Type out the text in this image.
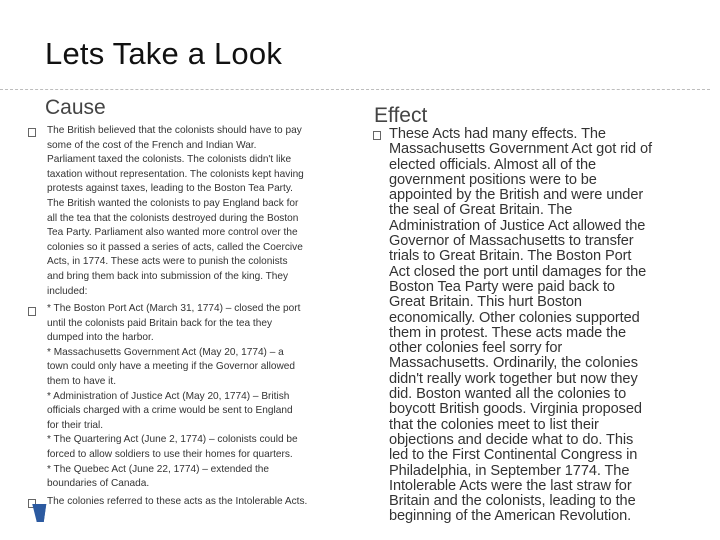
Lets Take a Look
Cause	Effect
The British believed that the colonists should have to pay
some of the cost of the French and Indian War.
Parliament taxed the colonists. The colonists didn't like
taxation without representation. The colonists kept having
protests against taxes, leading to the Boston Tea Party.
The British wanted the colonists to pay England back for
all the tea that the colonists destroyed during the Boston
Tea Party. Parliament also wanted more control over the
colonies so it passed a series of acts, called the Coercive
Acts, in 1774. These acts were to punish the colonists
and bring them back into submission of the king. They
included:
* The Boston Port Act (March 31, 1774) – closed the port
until the colonists paid Britain back for the tea they
dumped into the harbor.
* Massachusetts Government Act (May 20, 1774) – a
town could only have a meeting if the Governor allowed
them to have it.
* Administration of Justice Act (May 20, 1774) – British
officials charged with a crime would be sent to England
for their trial.
* The Quartering Act (June 2, 1774) – colonists could be
forced to allow soldiers to use their homes for quarters.
* The Quebec Act (June 22, 1774) – extended the
boundaries of Canada.
The colonies referred to these acts as the Intolerable Acts.
These Acts had many effects. The
Massachusetts Government Act got rid of
elected officials. Almost all of the
government positions were to be
appointed by the British and were under
the seal of Great Britain. The
Administration of Justice Act allowed the
Governor of Massachusetts to transfer
trials to Great Britain. The Boston Port
Act closed the port until damages for the
Boston Tea Party were paid back to
Great Britain. This hurt Boston
economically. Other colonies supported
them in protest. These acts made the
other colonies feel sorry for
Massachusetts. Ordinarily, the colonies
didn't really work together but now they
did. Boston wanted all the colonies to
boycott British goods. Virginia proposed
that the colonies meet to list their
objections and decide what to do. This
led to the First Continental Congress in
Philadelphia, in September 1774. The
Intolerable Acts were the last straw for
Britain and the colonists, leading to the
beginning of the American Revolution.
